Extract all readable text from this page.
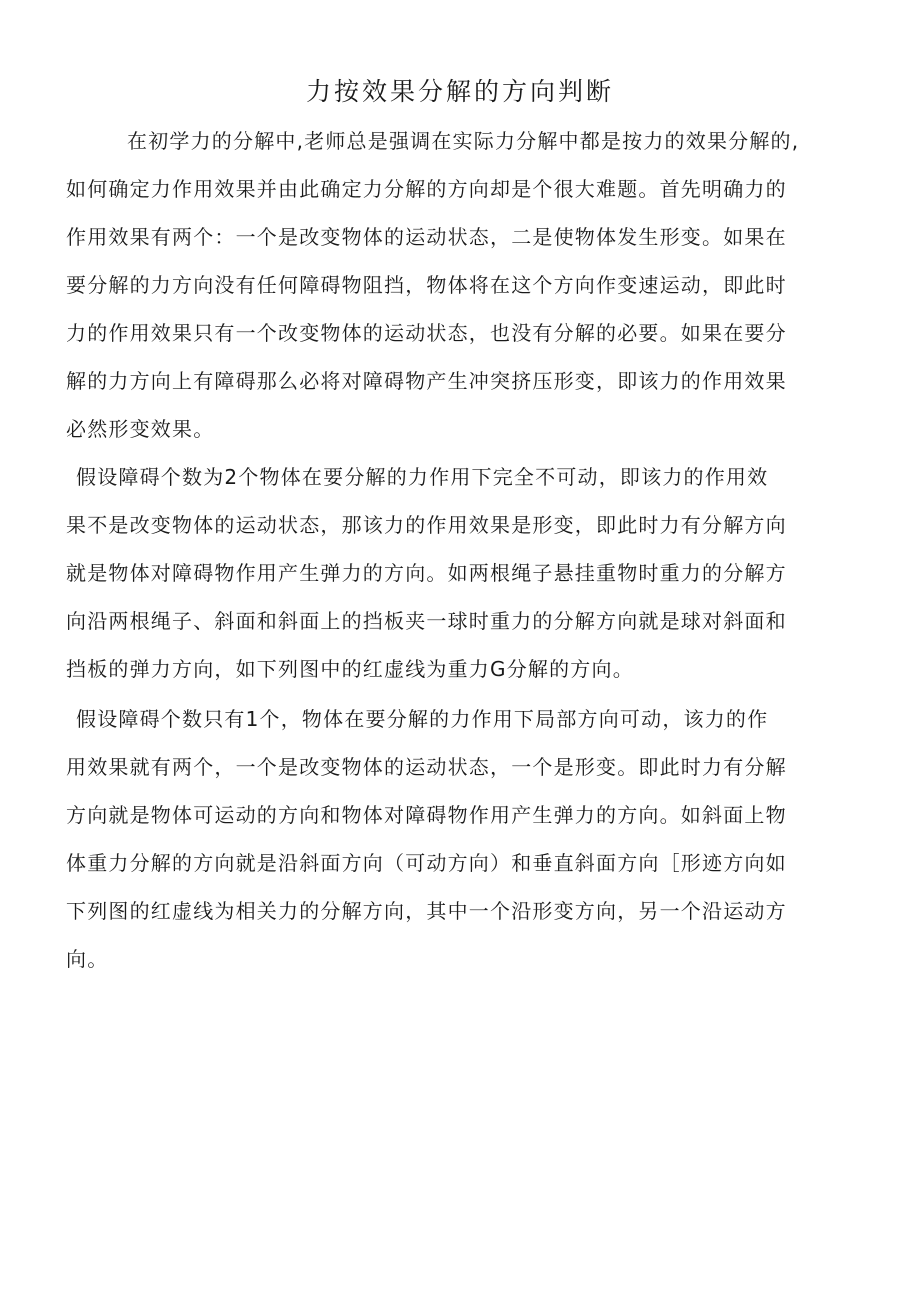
力按效果分解的方向判断

在初学力的分解中,老师总是强调在实际力分解中都是按力的效果分解的,

如何确定力作用效果并由此确定力分解的方向却是个很大难题。首先明确力的

作用效果有两个：一个是改变物体的运动状态，二是使物体发生形变。如果在

要分解的力方向没有任何障碍物阻挡，物体将在这个方向作变速运动，即此时

力的作用效果只有一个改变物体的运动状态，也没有分解的必要。如果在要分

解的力方向上有障碍那么必将对障碍物产生冲突挤压形变，即该力的作用效果

必然形变效果。

假设障碍个数为2个物体在要分解的力作用下完全不可动，即该力的作用效

果不是改变物体的运动状态，那该力的作用效果是形变，即此时力有分解方向

就是物体对障碍物作用产生弹力的方向。如两根绳子悬挂重物时重力的分解方

向沿两根绳子、斜面和斜面上的挡板夹一球时重力的分解方向就是球对斜面和

挡板的弹力方向，如下列图中的红虚线为重力G分解的方向。

假设障碍个数只有1个，物体在要分解的力作用下局部方向可动，该力的作

用效果就有两个，一个是改变物体的运动状态，一个是形变。即此时力有分解

方向就是物体可运动的方向和物体对障碍物作用产生弹力的方向。如斜面上物

体重力分解的方向就是沿斜面方向（可动方向）和垂直斜面方向［形迹方向如

下列图的红虚线为相关力的分解方向，其中一个沿形变方向，另一个沿运动方

向。
